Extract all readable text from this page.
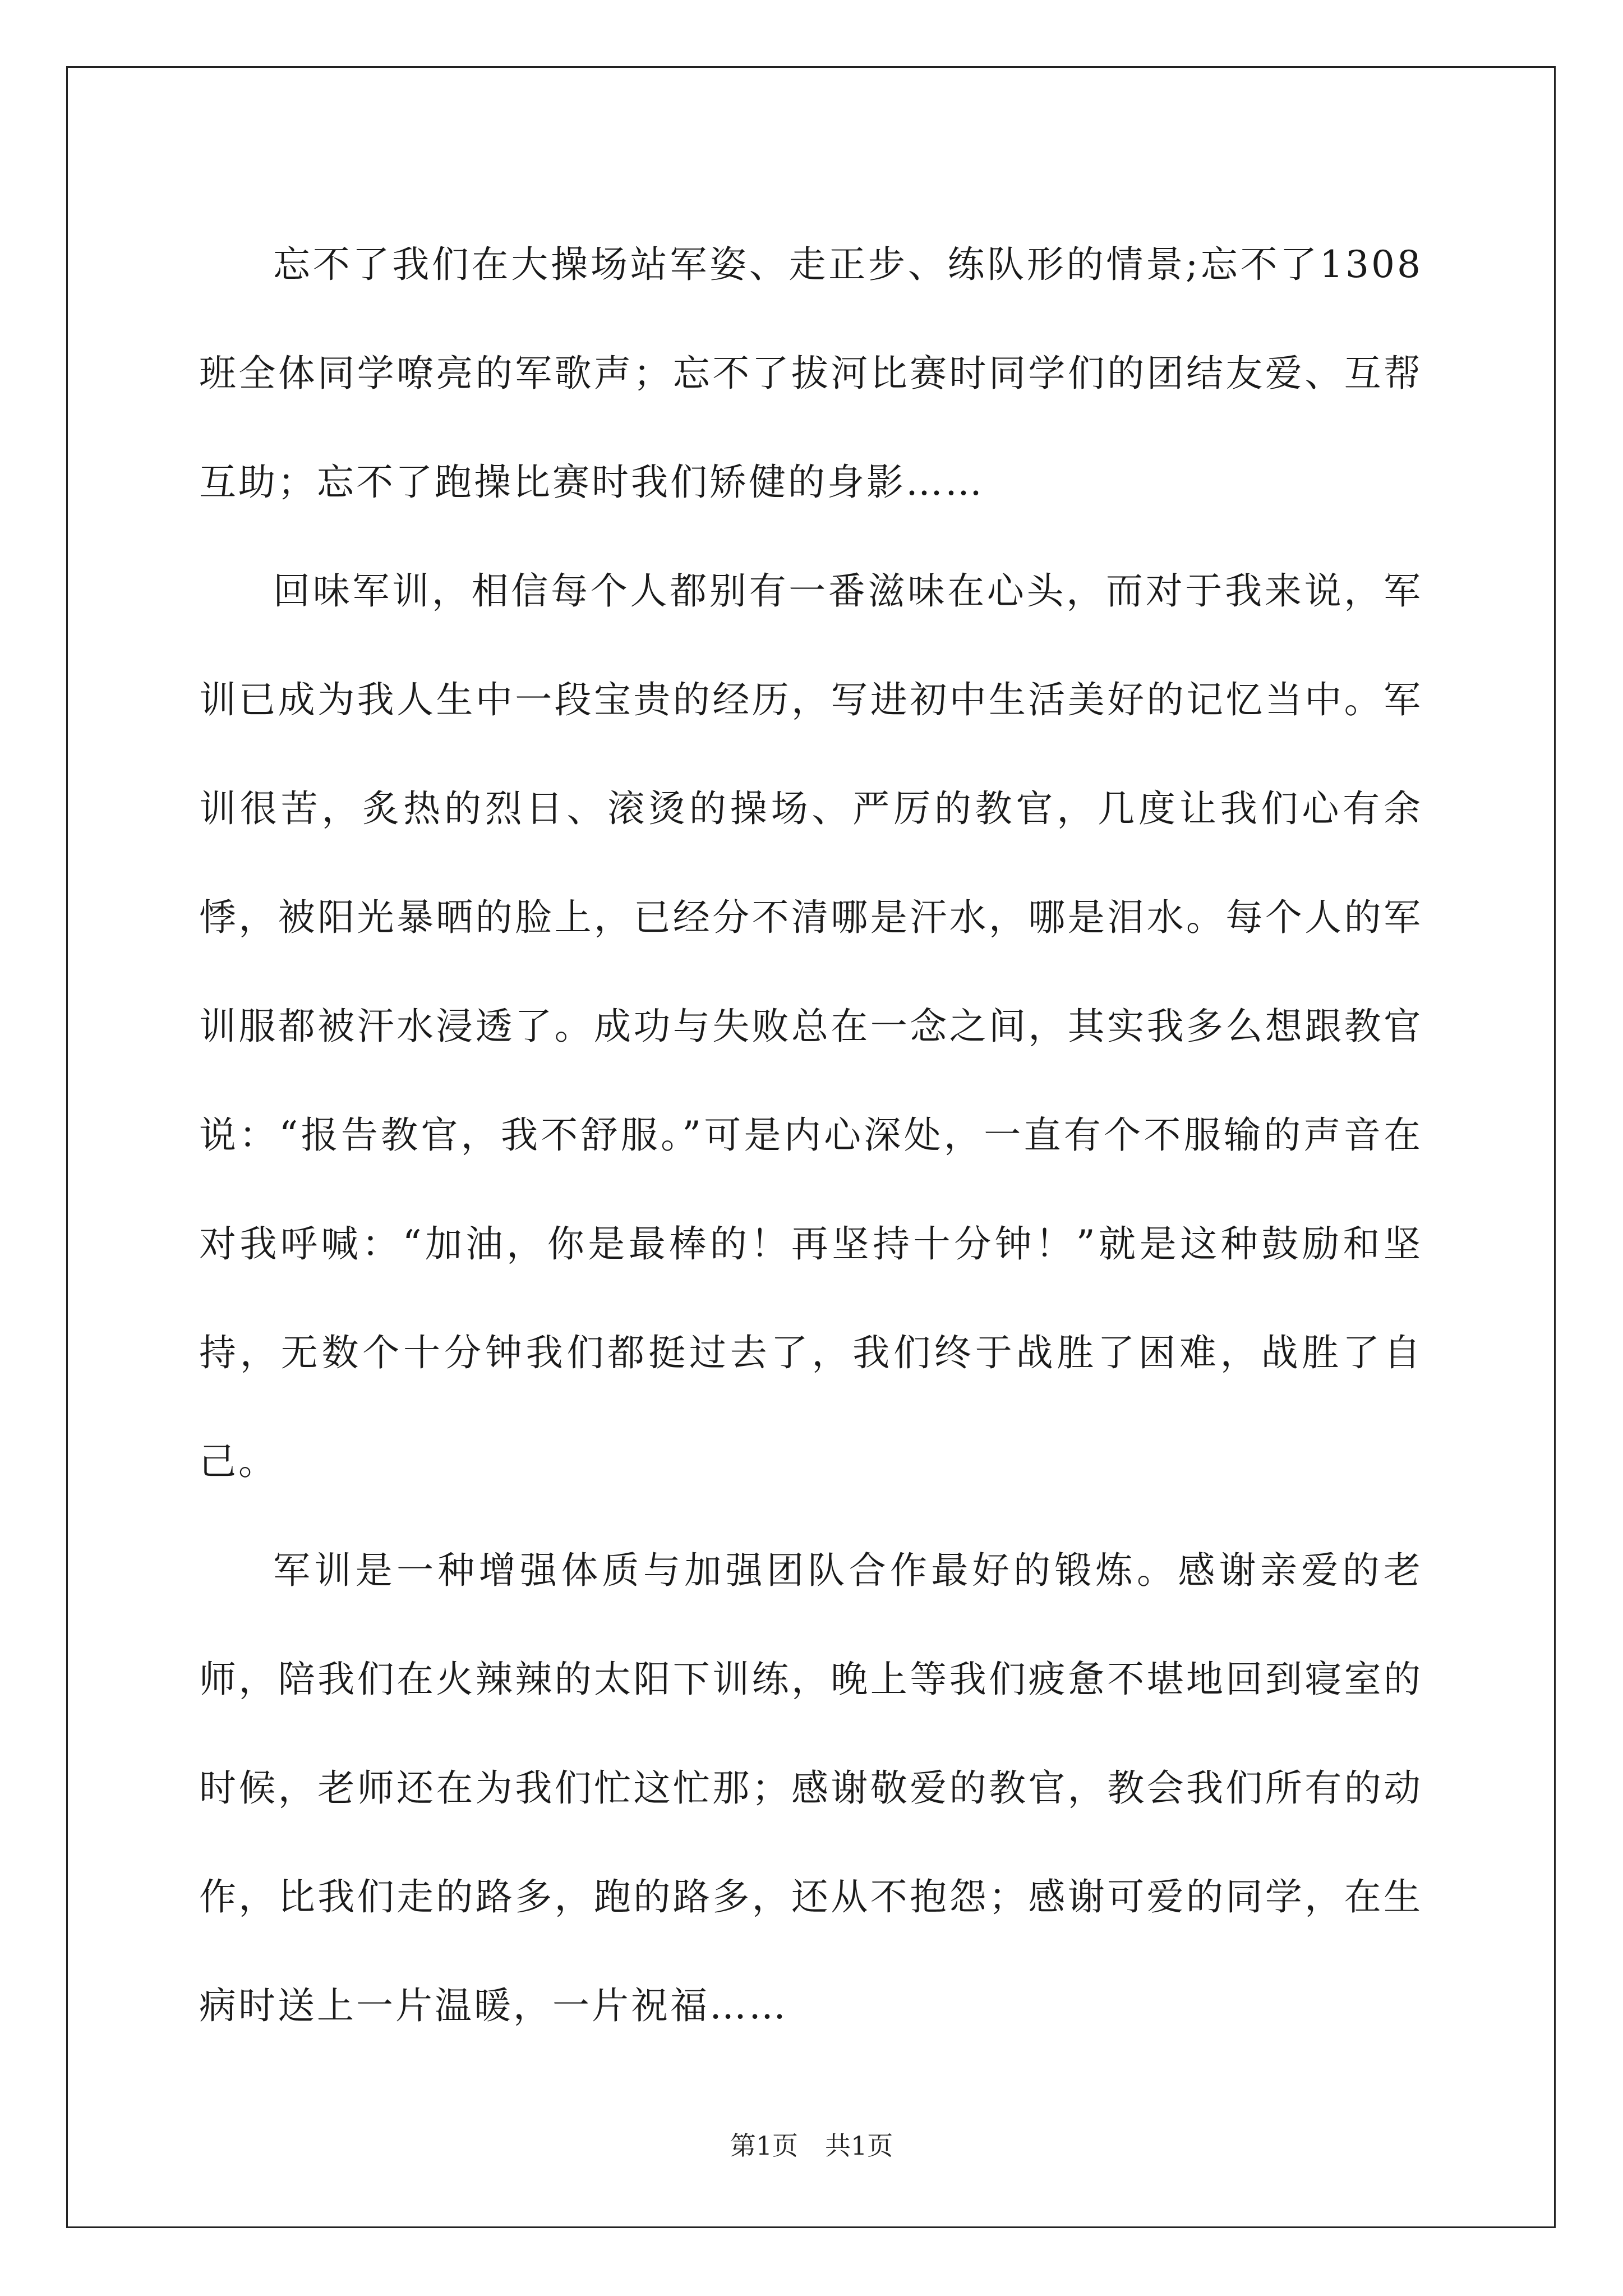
忘不了我们在大操场站军姿、走正步、练队形的情景;忘不了1308班全体同学嘹亮的军歌声；忘不了拔河比赛时同学们的团结友爱、互帮互助；忘不了跑操比赛时我们矫健的身影……

回味军训，相信每个人都别有一番滋味在心头，而对于我来说，军训已成为我人生中一段宝贵的经历，写进初中生活美好的记忆当中。军训很苦，炙热的烈日、滚烫的操场、严厉的教官，几度让我们心有余悸，被阳光暴晒的脸上，已经分不清哪是汗水，哪是泪水。每个人的军训服都被汗水浸透了。成功与失败总在一念之间，其实我多么想跟教官说：“报告教官，我不舒服。”可是内心深处，一直有个不服输的声音在对我呼喊：“加油，你是最棒的！再坚持十分钟！”就是这种鼓励和坚持，无数个十分钟我们都挺过去了，我们终于战胜了困难，战胜了自己。

军训是一种增强体质与加强团队合作最好的锻炼。感谢亲爱的老师，陪我们在火辣辣的太阳下训练，晚上等我们疲惫不堪地回到寝室的时候，老师还在为我们忙这忙那；感谢敬爱的教官，教会我们所有的动作，比我们走的路多，跑的路多，还从不抱怨；感谢可爱的同学，在生病时送上一片温暖，一片祝福……

第1页 共1页
